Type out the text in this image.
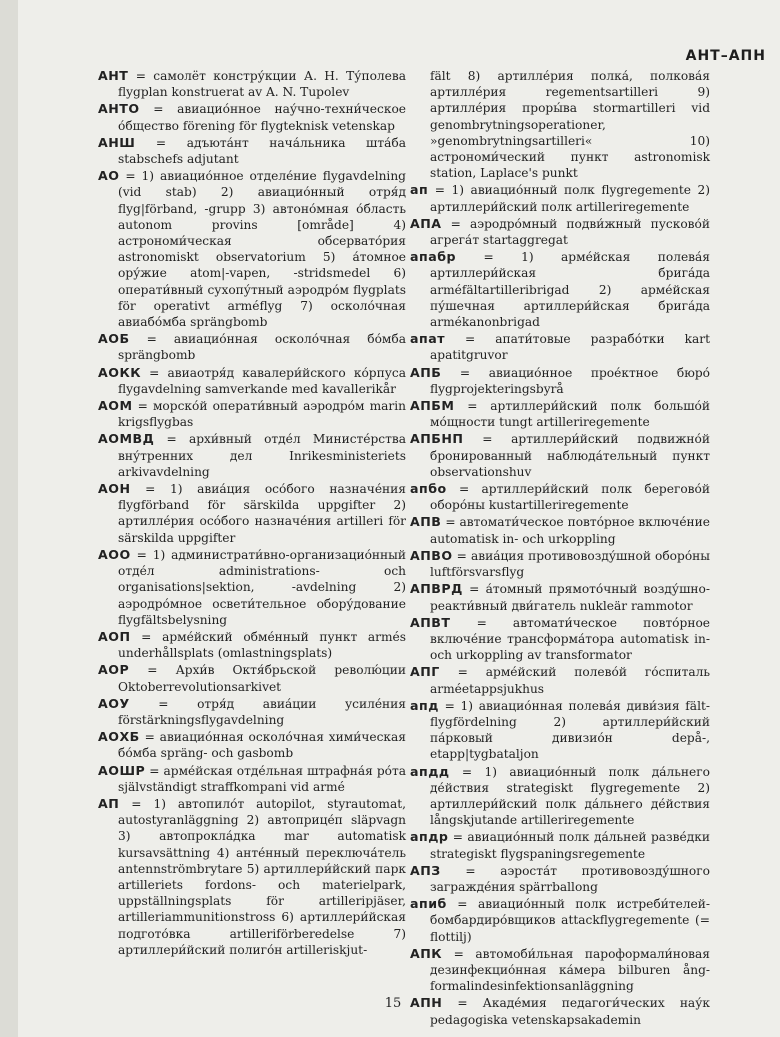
АНТ–АПН

АНТ = самолёт констру́кции А. Н. Ту́полева flygplan konstruerat av A. N. Tupolev

АНТО = авиацио́нное нау́чно-техни́ческое о́бщество förening för flygteknisk vetenskap

АНШ = адъюта́нт нача́льника шта́ба stabschefs adjutant

АО = 1) авиацио́нное отделе́ние flygavdelning (vid stab) 2) авиацио́нный отря́д flyg|förband, -grupp 3) автоно́мная о́бласть autonom provins [område] 4) астрономи́ческая обсервато́рия astronomiskt observatorium 5) а́томное ору́жие atom|-vapen, -stridsmedel 6) операти́вный сухопу́тный аэродро́м flygplats för operativt arméflyg 7) осколо́чная авиабо́мба sprängbomb

АОБ = авиацио́нная осколо́чная бо́мба sprängbomb

АОКК = авиаотря́д кавалери́йского ко́рпуса flygavdelning samverkande med kavallerikår

АОМ = морско́й операти́вный аэродро́м marin krigsflygbas

АОМВД = архи́вный отде́л Министе́рства вну́тренних дел Inrikesministeriets arkivavdelning

АОН = 1) авиа́ция осо́бого назначе́ния flygförband för särskilda uppgifter 2) артилле́рия осо́бого назначе́ния artilleri för särskilda uppgifter

АОО = 1) администрати́вно-организацио́нный отде́л administrations- och organisations|sektion, -avdelning 2) аэродро́мное освети́тельное обору́дование flygfältsbelysning

АОП = арме́йский обме́нный пункт armés underhållsplats (omlastningsplats)

АОР = Архи́в Октя́брьской револю́ции Oktoberrevolutionsarkivet

АОУ = отря́д авиа́ции усиле́ния förstärkningsflygavdelning

АОХБ = авиацио́нная осколо́чная хими́ческая бо́мба spräng- och gasbomb

АОШР = арме́йская отде́льная штрафна́я ро́та självständigt straffkompani vid armé

АП = 1) автопило́т autopilot, styrautomat, autostyranläggning 2) автоприце́п släpvagn 3) автопрокла́дка mar automatisk kursavsättning 4) анте́нный переключа́тель antennströmbrytare 5) артиллери́йский парк artilleriets fordons- och materielpark, uppställningsplats för artilleripjäser, artilleriammunitionstross 6) артиллери́йская подгото́вка artilleriförberedelse 7) артиллери́йский полиго́н artilleriskjut-

fält 8) артилле́рия полка́, полкова́я артилле́рия regementsartilleri 9) артилле́рия проры́ва stormartilleri vid genombrytningsoperationer, »genombrytningsartilleri« 10) астрономи́ческий пункт astronomisk station, Laplace's punkt

ап = 1) авиацио́нный полк flygregemente 2) артиллери́йский полк artilleriregemente

АПА = аэродро́мный подви́жный пусково́й агрега́т startaggregat

апабр = 1) арме́йская полева́я артиллери́йская брига́да arméfältartilleribrigad 2) арме́йская пу́шечная артиллери́йская брига́да armékanonbrigad

апат = апати́товые разрабо́тки kart apatitgruvor

АПБ = авиацио́нное прое́ктное бюро́ flygprojekteringsbyrå

АПБМ = артиллери́йский полк большо́й мо́щности tungt artilleriregemente

АПБНП = артиллери́йский подвижно́й бронированный наблюда́тельный пункт observationshuv

апбо = артиллери́йский полк берегово́й оборо́ны kustartilleriregemente

АПВ = автомати́ческое повто́рное включе́ние automatisk in- och urkoppling

АПВО = авиа́ция противовозду́шной оборо́ны luftförsvarsflyg

АПВРД = а́томный прямото́чный возду́шно-реакти́вный дви́гатель nukleär rammotor

АПВТ = автомати́ческое повто́рное включе́ние трансформа́тора automatisk in- och urkoppling av transformator

АПГ = арме́йский полево́й го́спиталь arméetappsjukhus

апд = 1) авиацио́нная полева́я диви́зия fältflygfördelning 2) артиллери́йский па́рковый дивизио́н depå-, etapp|tygbataljon

апдд = 1) авиацио́нный полк да́льнего де́йствия strategiskt flygregemente 2) артиллери́йский полк да́льнего де́йствия långskjutande artilleriregemente

апдр = авиацио́нный полк да́льней разве́дки strategiskt flygspaningsregemente

АПЗ = аэроста́т противовозду́шного загражде́ния spärrballong

апиб = авиацио́нный полк истреби́телей-бомбардиро́вщиков attackflygregemente (= flottilj)

АПК = автомоби́льная пароформали́новая дезинфекцио́нная ка́мера bilburen ångformalindesinfektionsanläggning

АПН = Акаде́мия педагоги́ческих нау́к pedagogiska vetenskapsakademin

15
